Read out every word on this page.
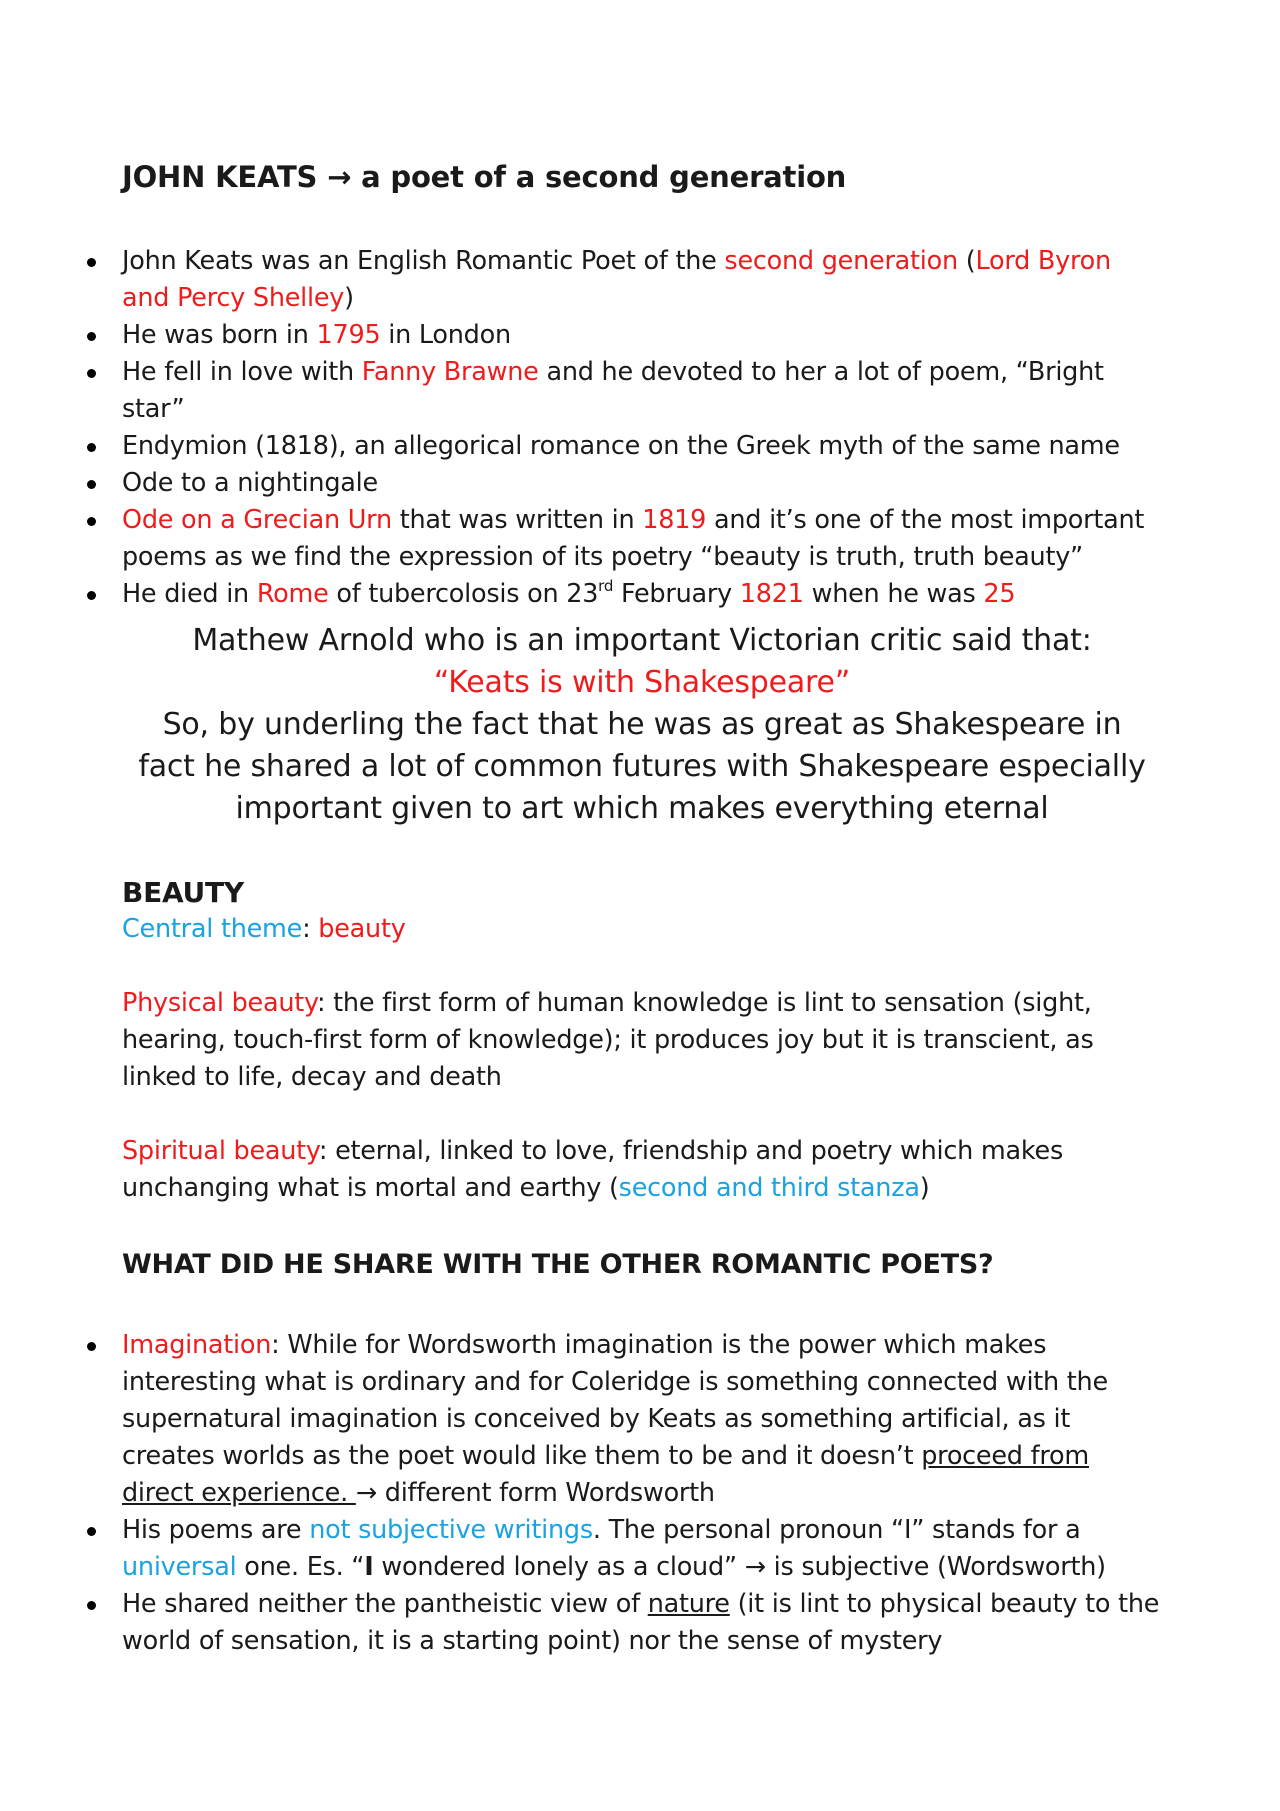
JOHN KEATS → a poet of a second generation
John Keats was an English Romantic Poet of the second generation (Lord Byron and Percy Shelley)
He was born in 1795 in London
He fell in love with Fanny Brawne and he devoted to her a lot of poem, “Bright star”
Endymion (1818), an allegorical romance on the Greek myth of the same name
Ode to a nightingale
Ode on a Grecian Urn that was written in 1819 and it’s one of the most important poems as we find the expression of its poetry “beauty is truth, truth beauty”
He died in Rome of tubercolosis on 23rd February 1821 when he was 25
Mathew Arnold who is an important Victorian critic said that:
“Keats is with Shakespeare”
So, by underling the fact that he was as great as Shakespeare in fact he shared a lot of common futures with Shakespeare especially important given to art which makes everything eternal
BEAUTY

Central theme: beauty

Physical beauty: the first form of human knowledge is lint to sensation (sight, hearing, touch-first form of knowledge); it produces joy but it is transcient, as linked to life, decay and death

Spiritual beauty: eternal, linked to love, friendship and poetry which makes unchanging what is mortal and earthy (second and third stanza)

WHAT DID HE SHARE WITH THE OTHER ROMANTIC POETS?
Imagination: While for Wordsworth imagination is the power which makes interesting what is ordinary and for Coleridge is something connected with the supernatural imagination is conceived by Keats as something artificial, as it creates worlds as the poet would like them to be and it doesn’t proceed from direct experience. → different form Wordsworth
His poems are not subjective writings. The personal pronoun “I” stands for a universal one. Es. “I wondered lonely as a cloud” → is subjective (Wordsworth)
He shared neither the pantheistic view of nature (it is lint to physical beauty to the world of sensation, it is a starting point) nor the sense of mystery
